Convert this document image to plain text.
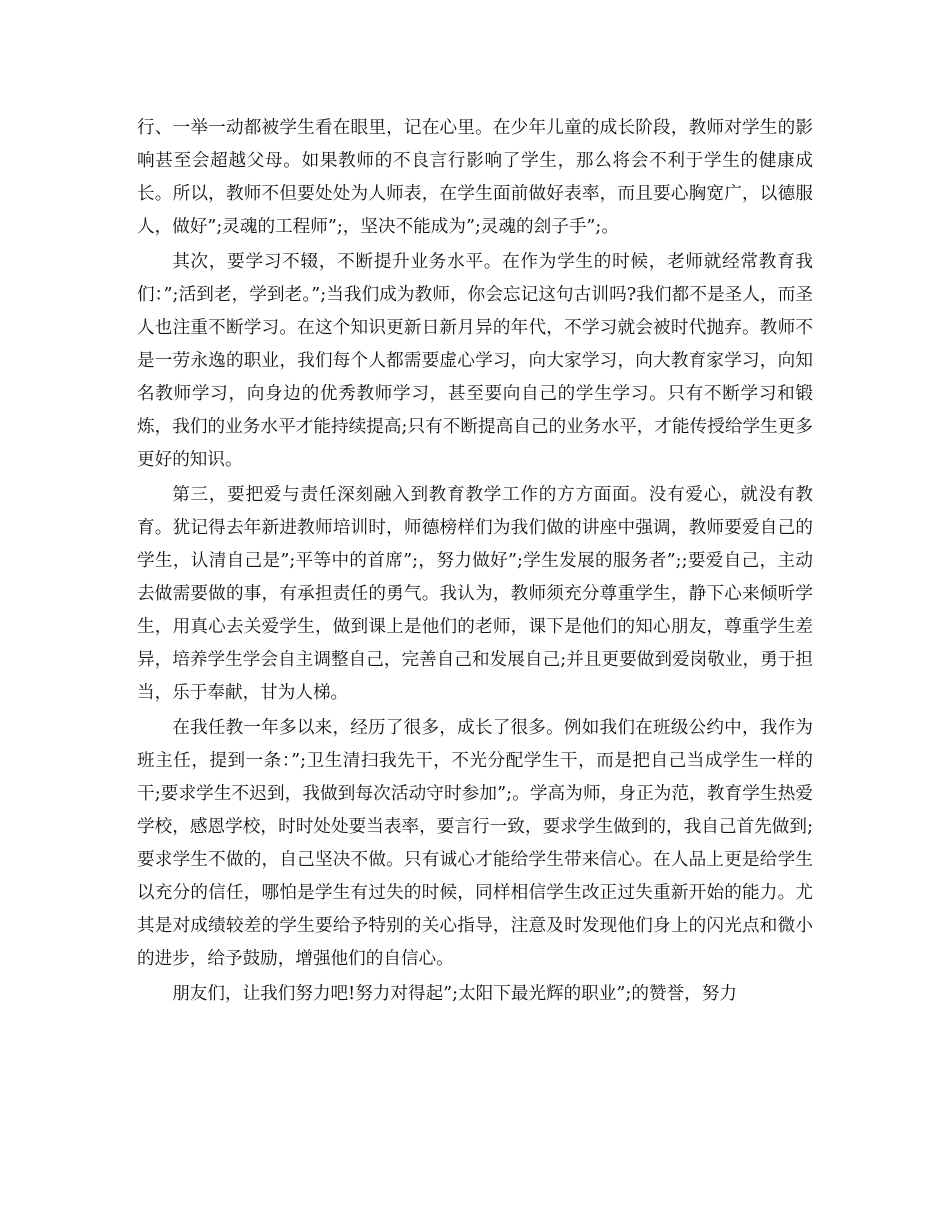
行、一举一动都被学生看在眼里，记在心里。在少年儿童的成长阶段，教师对学生的影响甚至会超越父母。如果教师的不良言行影响了学生，那么将会不利于学生的健康成长。所以，教师不但要处处为人师表，在学生面前做好表率，而且要心胸宽广，以德服人，做好”;灵魂的工程师”;，坚决不能成为”;灵魂的刽子手”;。

其次，要学习不辍，不断提升业务水平。在作为学生的时候，老师就经常教育我们：”;活到老，学到老。”;当我们成为教师，你会忘记这句古训吗?我们都不是圣人，而圣人也注重不断学习。在这个知识更新日新月异的年代，不学习就会被时代抛弃。教师不是一劳永逸的职业，我们每个人都需要虚心学习，向大家学习，向大教育家学习，向知名教师学习，向身边的优秀教师学习，甚至要向自己的学生学习。只有不断学习和锻炼，我们的业务水平才能持续提高;只有不断提高自己的业务水平，才能传授给学生更多更好的知识。

第三，要把爱与责任深刻融入到教育教学工作的方方面面。没有爱心，就没有教育。犹记得去年新进教师培训时，师德榜样们为我们做的讲座中强调，教师要爱自己的学生，认清自己是”;平等中的首席”;，努力做好”;学生发展的服务者”;;要爱自己，主动去做需要做的事，有承担责任的勇气。我认为，教师须充分尊重学生，静下心来倾听学生，用真心去关爱学生，做到课上是他们的老师，课下是他们的知心朋友，尊重学生差异，培养学生学会自主调整自己，完善自己和发展自己;并且更要做到爱岗敬业，勇于担当，乐于奉献，甘为人梯。

在我任教一年多以来，经历了很多，成长了很多。例如我们在班级公约中，我作为班主任，提到一条：”;卫生清扫我先干，不光分配学生干，而是把自己当成学生一样的干;要求学生不迟到，我做到每次活动守时参加”;。学高为师，身正为范，教育学生热爱学校，感恩学校，时时处处要当表率，要言行一致，要求学生做到的，我自己首先做到;要求学生不做的，自己坚决不做。只有诚心才能给学生带来信心。在人品上更是给学生以充分的信任，哪怕是学生有过失的时候，同样相信学生改正过失重新开始的能力。尤其是对成绩较差的学生要给予特别的关心指导，注意及时发现他们身上的闪光点和微小的进步，给予鼓励，增强他们的自信心。

朋友们，让我们努力吧!努力对得起”;太阳下最光辉的职业”;的赞誉，努力
